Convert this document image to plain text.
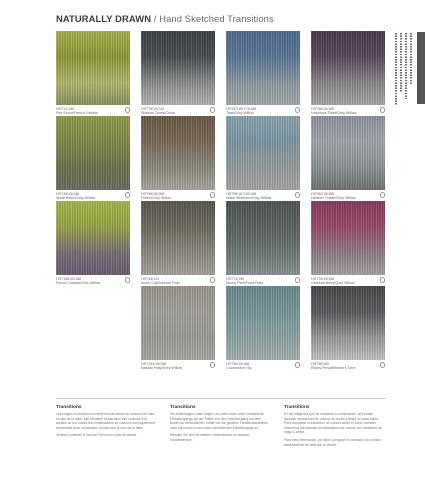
NATURALLY DRAWN / Hand Sketched Transitions
HST14/155
Pea Shoot/French Garden
HST78/15/742
Shadow Tones/Cellar
HST87/15/174/168
Tidal/Grey Willow
HST58/15/168
Hollyhock Tides/Grey Willow
HST43/15/168
Small Basin/Grey Willow
HST96/15/168
Filbert/Grey Willow
HST95/167/15/168
Water Bedroom/Grey Willow
HST62/15/168
Heather Thistle/Grey Willow
HST158/15/168
French Garden/Grey Willow
HST94/144
Acorn Cap/Natural Putty
HST74/159
Ebony Peru/Frost Feed
HST79/15/168
Cerebral Berry/Grey Willow
HST144/15/168
Natural Putty/Grey Willow
HST39/15/168
Coconut/Ice Hip
HST38/185
Ebony Peru/Whitmer's Time
Transitions

Les images ci-dessous montrent les transitions de couleurs de haut en bas de la dalle. Afin d'illustrer la transition des couleurs a la surface du sol, toutes les combinaisons de couleurs sont egalement presentees avec la transition du bas vers le haut de la dalle.

Veuillez contacter le Service Client pour plus de details.

Transitions

Die Abbildungen unten zeigen von oben nach unten verlaufende Farbübergänge auf der Platte. Um den Farbübergang auf dem Boden zu verdeutlichen, bieten wir die gleichen Farbkombinationen auch mit unterem nach oben verlaufenden Farbübergang an.

Wenden Sie sich für weitere Informationen an unseren Kundenservice.

Transitions

En las imágenes que se muestran a continuación, se pueden apreciar transiciones de colores de arriba a abajo en cada baldo. Para completar la transición de colores sobre el suelo, también ofrecemos las mismas combinaciones de colores con transición de abajo a arriba.

Para más información, por favor, póngase en contacto con nuestro departamento de atención al cliente.
